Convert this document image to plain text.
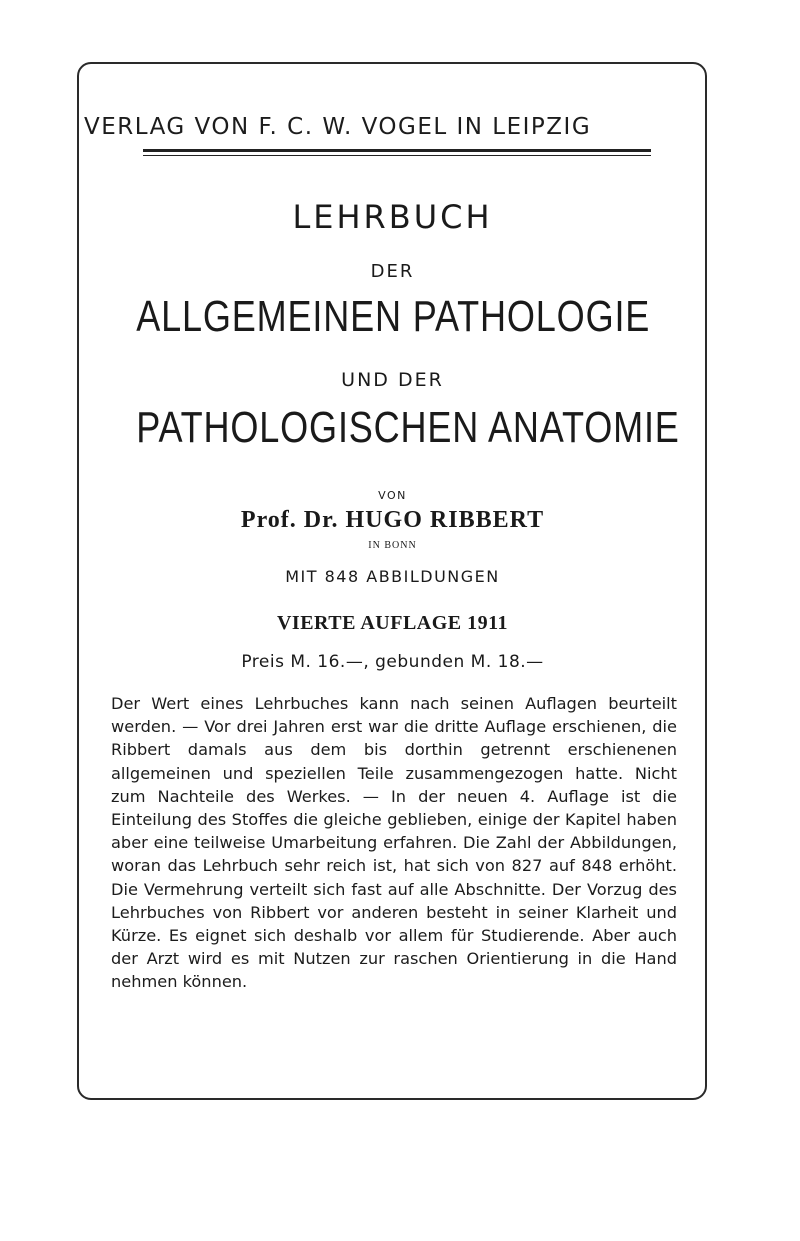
VERLAG VON F. C. W. VOGEL IN LEIPZIG
LEHRBUCH
DER
ALLGEMEINEN PATHOLOGIE
UND DER
PATHOLOGISCHEN ANATOMIE
VON
Prof. Dr. HUGO RIBBERT
IN BONN
MIT 848 ABBILDUNGEN
VIERTE AUFLAGE 1911
Preis M. 16.—, gebunden M. 18.—
Der Wert eines Lehrbuches kann nach seinen Auflagen beurteilt werden. — Vor drei Jahren erst war die dritte Auflage erschienen, die Ribbert damals aus dem bis dorthin getrennt erschienenen allgemeinen und speziellen Teile zusammengezogen hatte. Nicht zum Nachteile des Werkes. — In der neuen 4. Auflage ist die Einteilung des Stoffes die gleiche geblieben, einige der Kapitel haben aber eine teilweise Umarbeitung erfahren. Die Zahl der Abbildungen, woran das Lehrbuch sehr reich ist, hat sich von 827 auf 848 erhöht. Die Vermehrung verteilt sich fast auf alle Abschnitte. Der Vorzug des Lehrbuches von Ribbert vor anderen besteht in seiner Klarheit und Kürze. Es eignet sich deshalb vor allem für Studierende. Aber auch der Arzt wird es mit Nutzen zur raschen Orientierung in die Hand nehmen können.
